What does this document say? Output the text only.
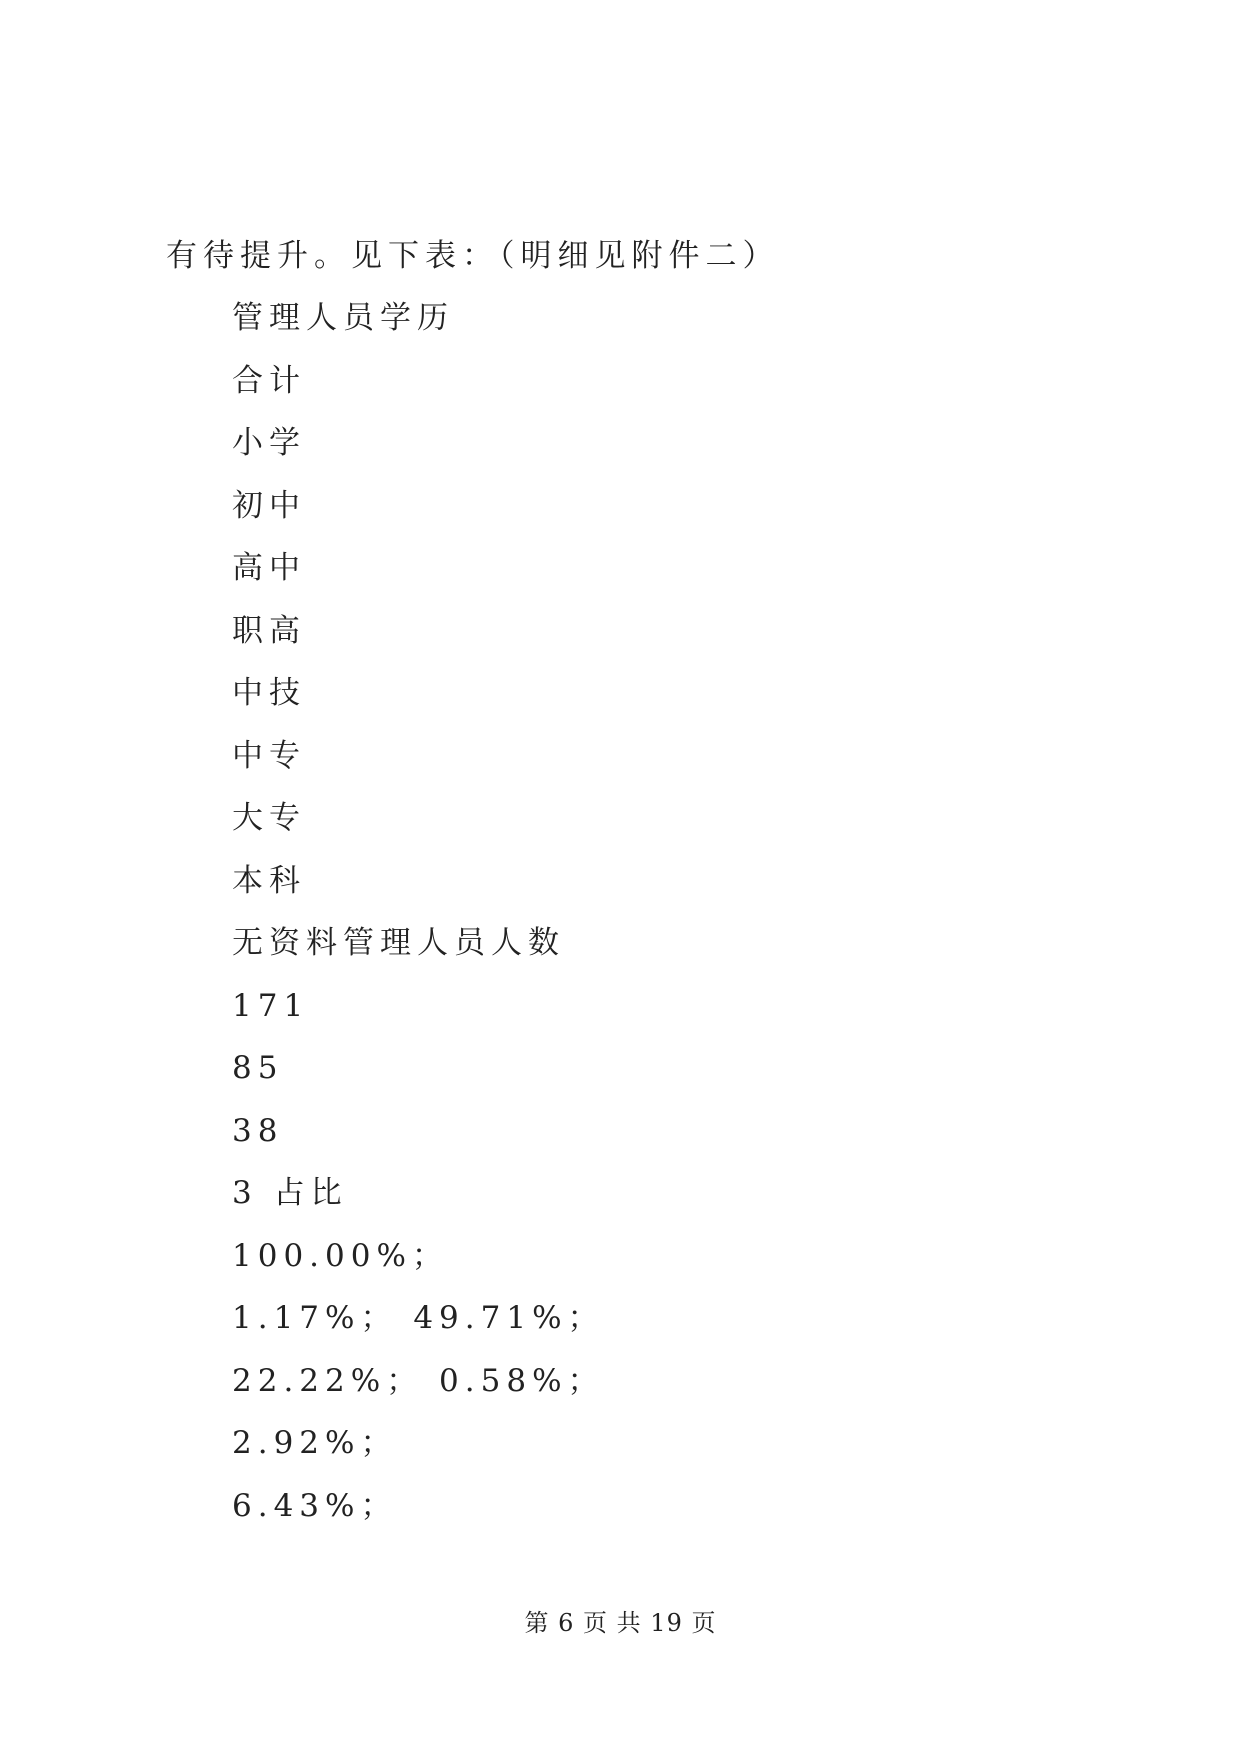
有待提升。见下表：（明细见附件二）
管理人员学历
合计
小学
初中
高中
职高
中技
中专
大专
本科
无资料管理人员人数
171
85
38
3 占比
100.00%；
1.17%； 49.71%；
22.22%； 0.58%；
2.92%；
6.43%；
第 6 页 共 19 页
